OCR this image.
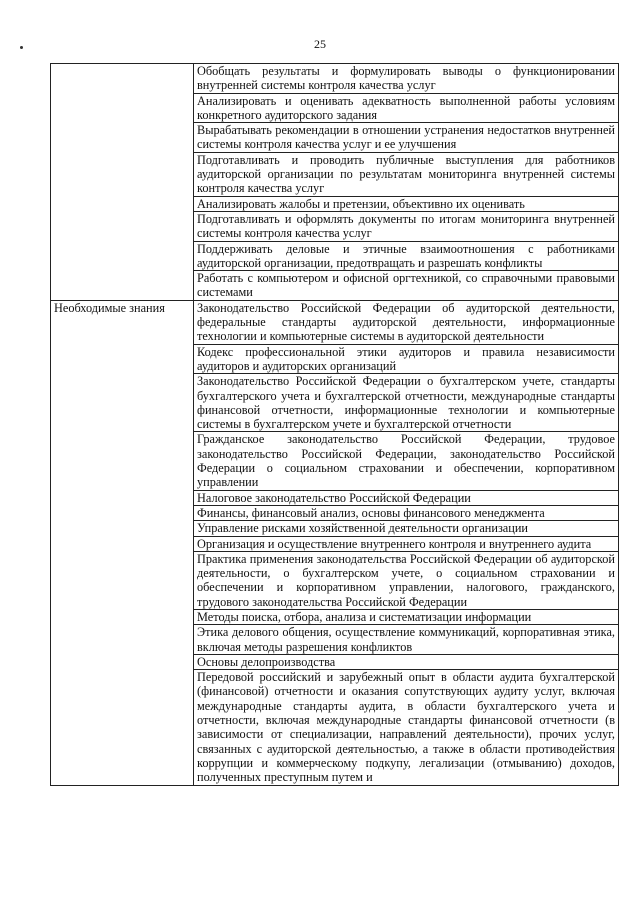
25
	Обобщать результаты и формулировать выводы о функционировании внутренней системы контроля качества услуг
	Анализировать и оценивать адекватность выполненной работы условиям конкретного аудиторского задания
	Вырабатывать рекомендации в отношении устранения недостатков внутренней системы контроля качества услуг и ее улучшения
	Подготавливать и проводить публичные выступления для работников аудиторской организации по результатам мониторинга внутренней системы контроля качества услуг
	Анализировать жалобы и претензии, объективно их оценивать
	Подготавливать и оформлять документы по итогам мониторинга внутренней системы контроля качества услуг
	Поддерживать деловые и этичные взаимоотношения с работниками аудиторской организации, предотвращать и разрешать конфликты
	Работать с компьютером и офисной оргтехникой, со справочными правовыми системами
Необходимые знания	Законодательство Российской Федерации об аудиторской деятельности, федеральные стандарты аудиторской деятельности, информационные технологии и компьютерные системы в аудиторской деятельности
	Кодекс профессиональной этики аудиторов и правила независимости аудиторов и аудиторских организаций
	Законодательство Российской Федерации о бухгалтерском учете, стандарты бухгалтерского учета и бухгалтерской отчетности, международные стандарты финансовой отчетности, информационные технологии и компьютерные системы в бухгалтерском учете и бухгалтерской отчетности
	Гражданское законодательство Российской Федерации, трудовое законодательство Российской Федерации, законодательство Российской Федерации о социальном страховании и обеспечении, корпоративном управлении
	Налоговое законодательство Российской Федерации
	Финансы, финансовый анализ, основы финансового менеджмента
	Управление рисками хозяйственной деятельности организации
	Организация и осуществление внутреннего контроля и внутреннего аудита
	Практика применения законодательства Российской Федерации об аудиторской деятельности, о бухгалтерском учете, о социальном страховании и обеспечении и корпоративном управлении, налогового, гражданского, трудового законодательства Российской Федерации
	Методы поиска, отбора, анализа и систематизации информации
	Этика делового общения, осуществление коммуникаций, корпоративная этика, включая методы разрешения конфликтов
	Основы делопроизводства
	Передовой российский и зарубежный опыт в области аудита бухгалтерской (финансовой) отчетности и оказания сопутствующих аудиту услуг, включая международные стандарты аудита, в области бухгалтерского учета и отчетности, включая международные стандарты финансовой отчетности (в зависимости от специализации, направлений деятельности), прочих услуг, связанных с аудиторской деятельностью, а также в области противодействия коррупции и коммерческому подкупу, легализации (отмыванию) доходов, полученных преступным путем и
